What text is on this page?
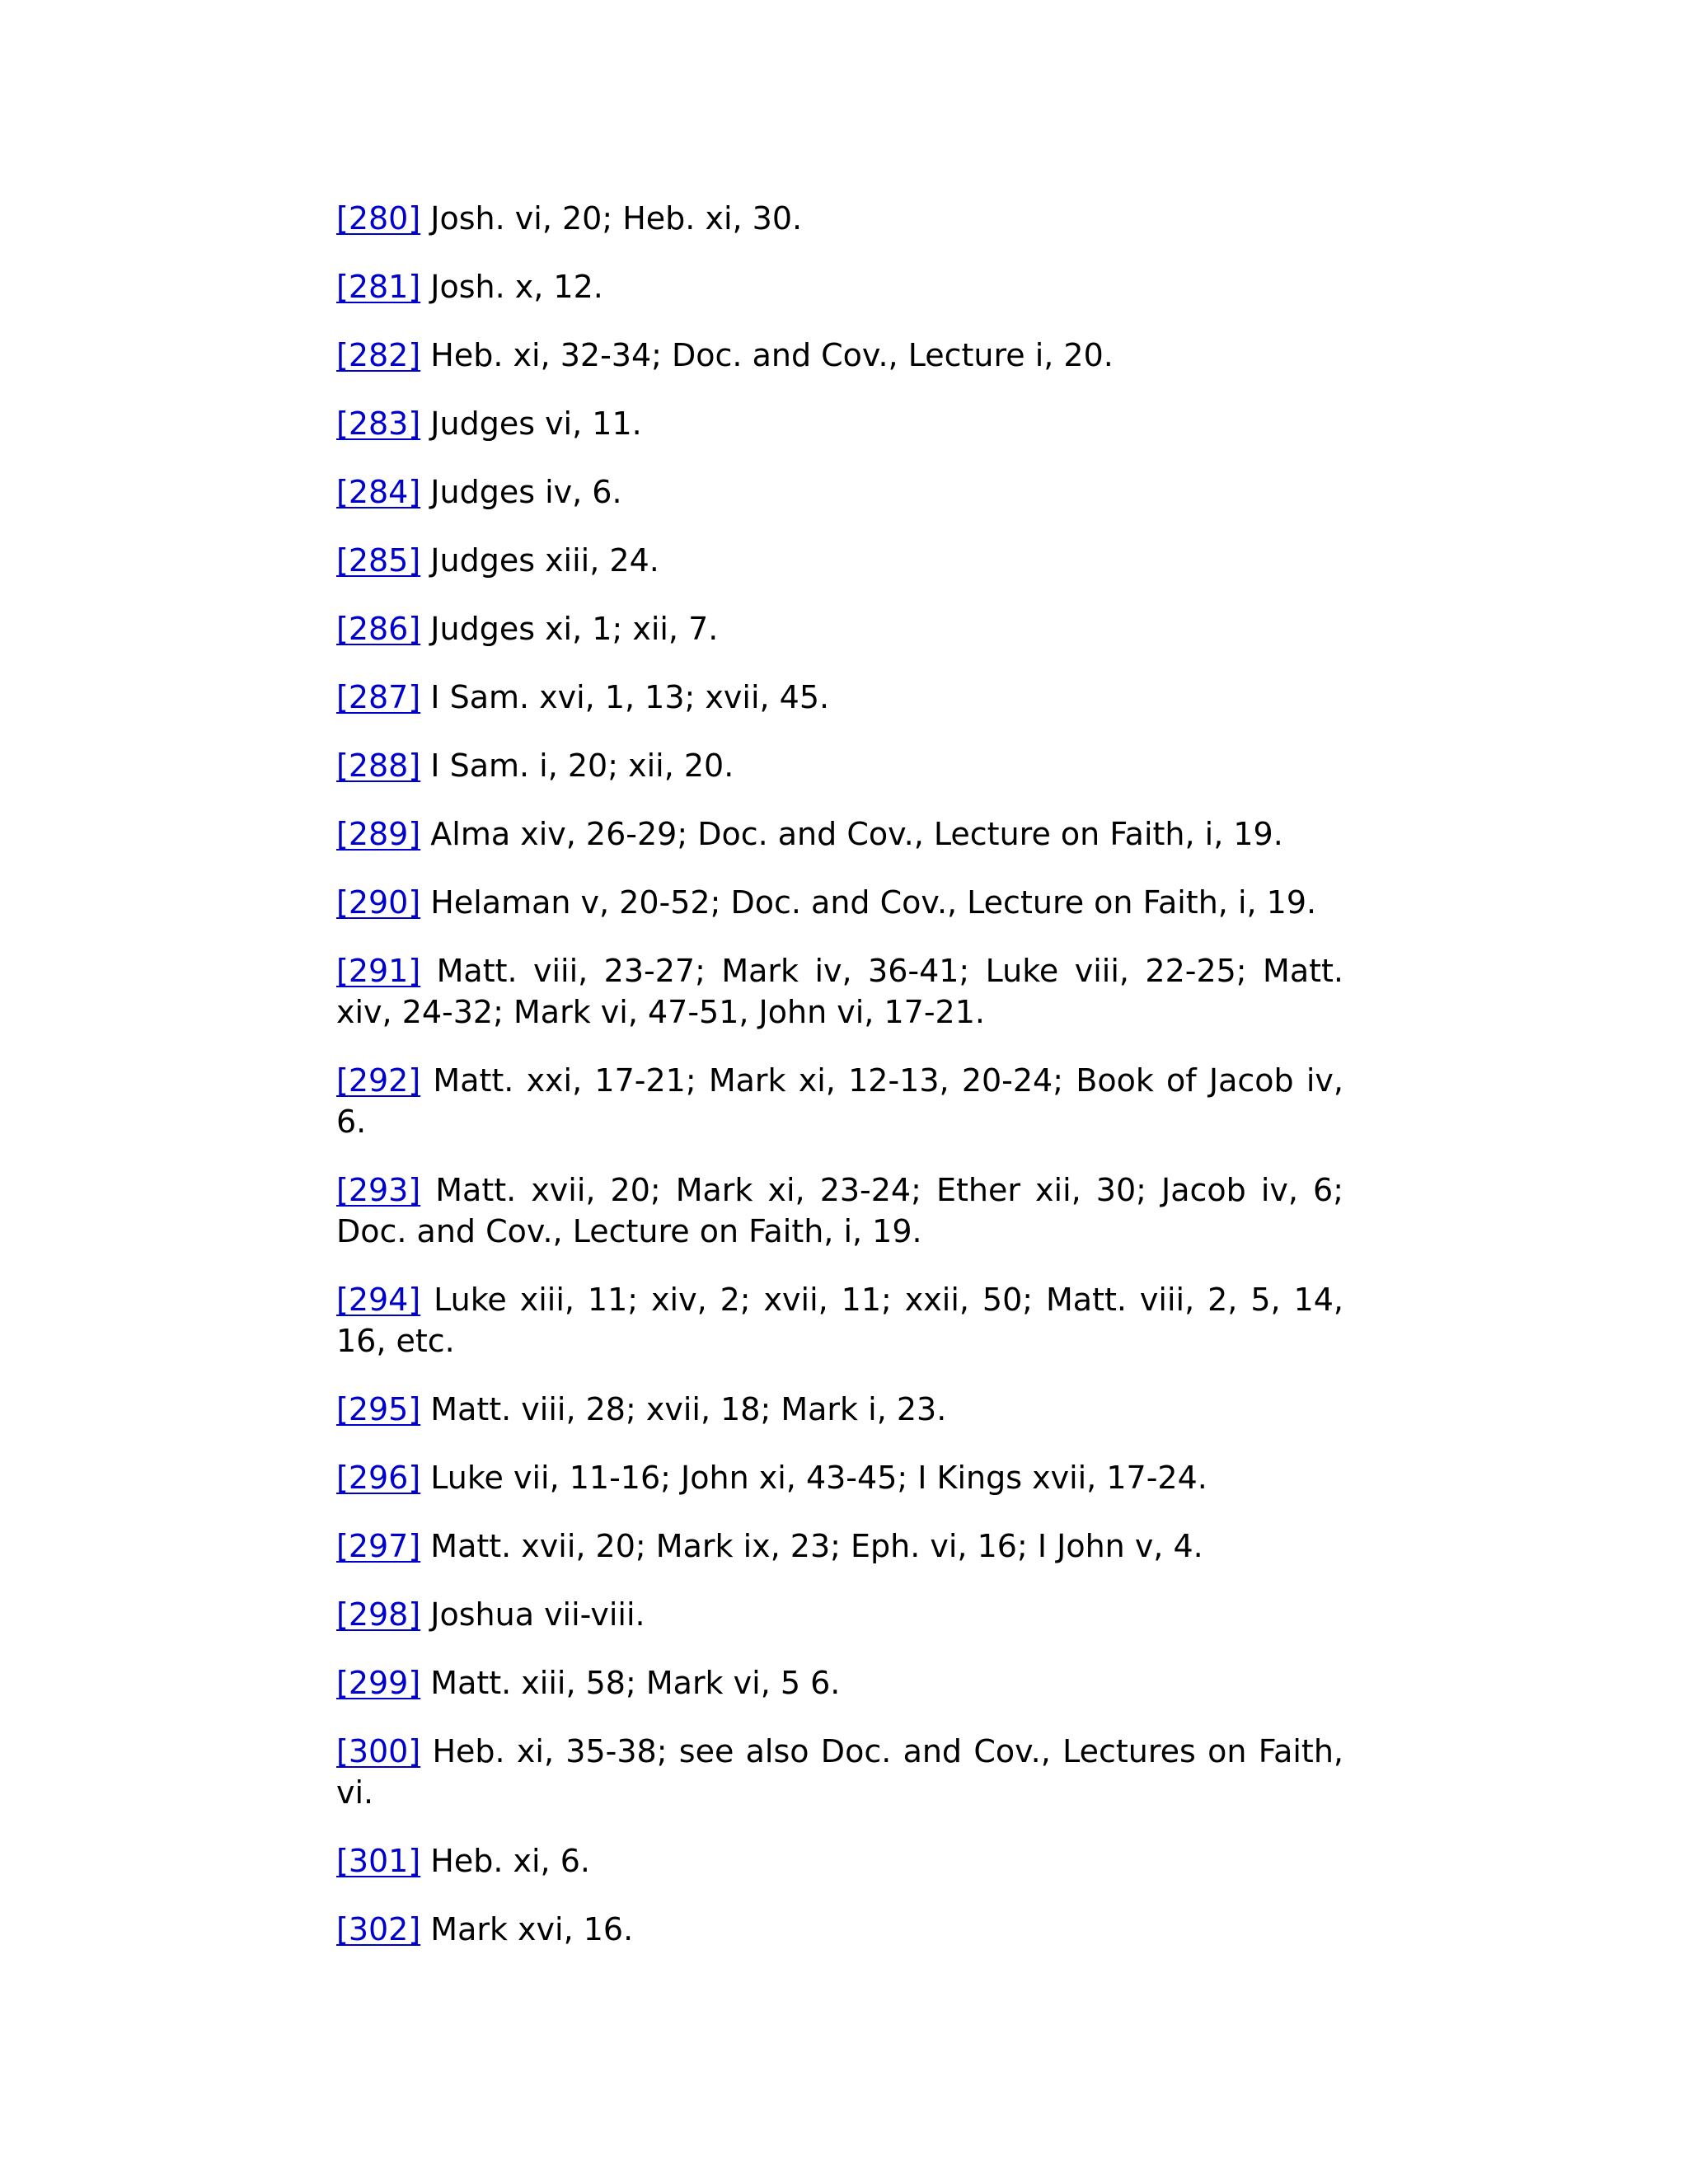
[280] Josh. vi, 20; Heb. xi, 30.

[281] Josh. x, 12.

[282] Heb. xi, 32-34; Doc. and Cov., Lecture i, 20.

[283] Judges vi, 11.

[284] Judges iv, 6.

[285] Judges xiii, 24.

[286] Judges xi, 1; xii, 7.

[287] I Sam. xvi, 1, 13; xvii, 45.

[288] I Sam. i, 20; xii, 20.

[289] Alma xiv, 26-29; Doc. and Cov., Lecture on Faith, i, 19.

[290] Helaman v, 20-52; Doc. and Cov., Lecture on Faith, i, 19.

[291] Matt. viii, 23-27; Mark iv, 36-41; Luke viii, 22-25; Matt. xiv, 24-32; Mark vi, 47-51, John vi, 17-21.

[292] Matt. xxi, 17-21; Mark xi, 12-13, 20-24; Book of Jacob iv, 6.

[293] Matt. xvii, 20; Mark xi, 23-24; Ether xii, 30; Jacob iv, 6; Doc. and Cov., Lecture on Faith, i, 19.

[294] Luke xiii, 11; xiv, 2; xvii, 11; xxii, 50; Matt. viii, 2, 5, 14, 16, etc.

[295] Matt. viii, 28; xvii, 18; Mark i, 23.

[296] Luke vii, 11-16; John xi, 43-45; I Kings xvii, 17-24.

[297] Matt. xvii, 20; Mark ix, 23; Eph. vi, 16; I John v, 4.

[298] Joshua vii-viii.

[299] Matt. xiii, 58; Mark vi, 5 6.

[300] Heb. xi, 35-38; see also Doc. and Cov., Lectures on Faith, vi.

[301] Heb. xi, 6.

[302] Mark xvi, 16.
